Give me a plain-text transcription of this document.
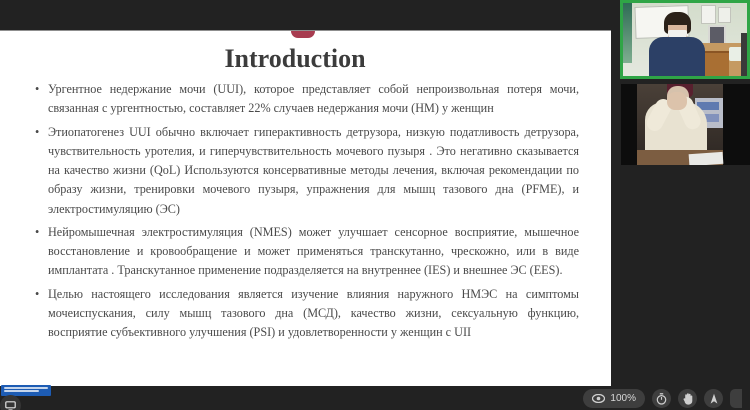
Introduction
• Ургентное недержание мочи (UUI), которое представляет собой непроизвольная потеря мочи, связанная с ургентностью, составляет 22% случаев недержания мочи (НМ) у женщин
• Этиопатогенез UUI обычно включает гиперактивность детрузора, низкую податливость детрузора, чувствительность уротелия, и гиперчувствительность мочевого пузыря . Это негативно сказывается на качество жизни (QoL) Используются консервативные методы лечения, включая рекомендации по образу жизни, тренировки мочевого пузыря, упражнения для мышц тазового дна (PFME), и электростимуляцию (ЭС)
• Нейромышечная электростимуляция (NMES) может улучшает сенсорное восприятие, мышечное восстановление и кровообращение и может применяться транскутанно, чрескожно, или в виде имплантата . Транскутанное применение подразделяется на внутреннее (IES) и внешнее ЭС (EES).
• Целью настоящего исследования является изучение влияния наружного НМЭС на симптомы мочеиспускания, силу мышц тазового дна (МСД), качество жизни, сексуальную функцию, восприятие субъективного улучшения (PSI) и удовлетворенности у женщин с UII
100%
